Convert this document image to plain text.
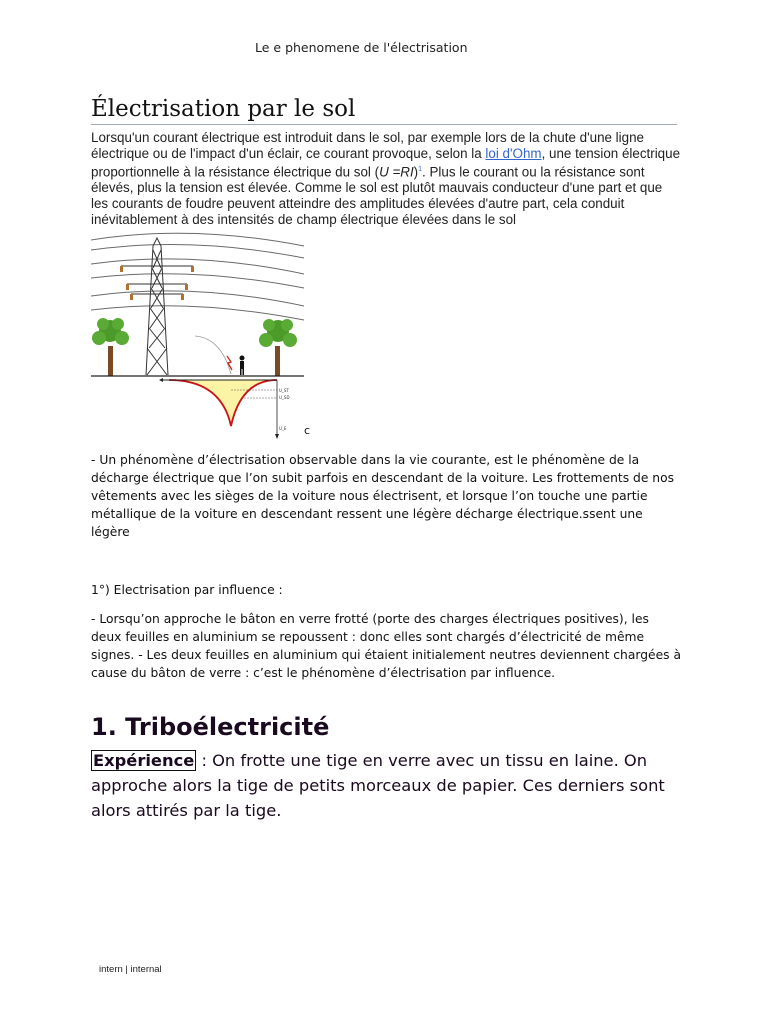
Le e phenomene de l'électrisation
Électrisation par le sol

Lorsqu'un courant électrique est introduit dans le sol, par exemple lors de la chute d'une ligne électrique ou de l'impact d'un éclair, ce courant provoque, selon la loi d'Ohm, une tension électrique proportionnelle à la résistance électrique du sol (U =RI)$^1$. Plus le courant ou la résistance sont élevés, plus la tension est élevée. Comme le sol est plutôt mauvais conducteur d'une part et que les courants de foudre peuvent atteindre des amplitudes élevées d'autre part, cela conduit inévitablement à des intensités de champ électrique élevées dans le sol

U_ST
U_SD
U_E c

- Un phénomène d’électrisation observable dans la vie courante, est le phénomène de la décharge électrique que l’on subit parfois en descendant de la voiture. Les frottements de nos vêtements avec les sièges de la voiture nous électrisent, et lorsque l’on touche une partie métallique de la voiture en descendant ressent une légère décharge électrique.ssent une légère

1°) Electrisation par influence :

- Lorsqu’on approche le bâton en verre frotté (porte des charges électriques positives), les deux feuilles en aluminium se repoussent : donc elles sont chargés d’électricité de même signes. - Les deux feuilles en aluminium qui étaient initialement neutres deviennent chargées à cause du bâton de verre : c’est le phénomène d’électrisation par influence.

1. Triboélectricité

Expérience : On frotte une tige en verre avec un tissu en laine. On approche alors la tige de petits morceaux de papier. Ces derniers sont alors attirés par la tige.

intern | internal
